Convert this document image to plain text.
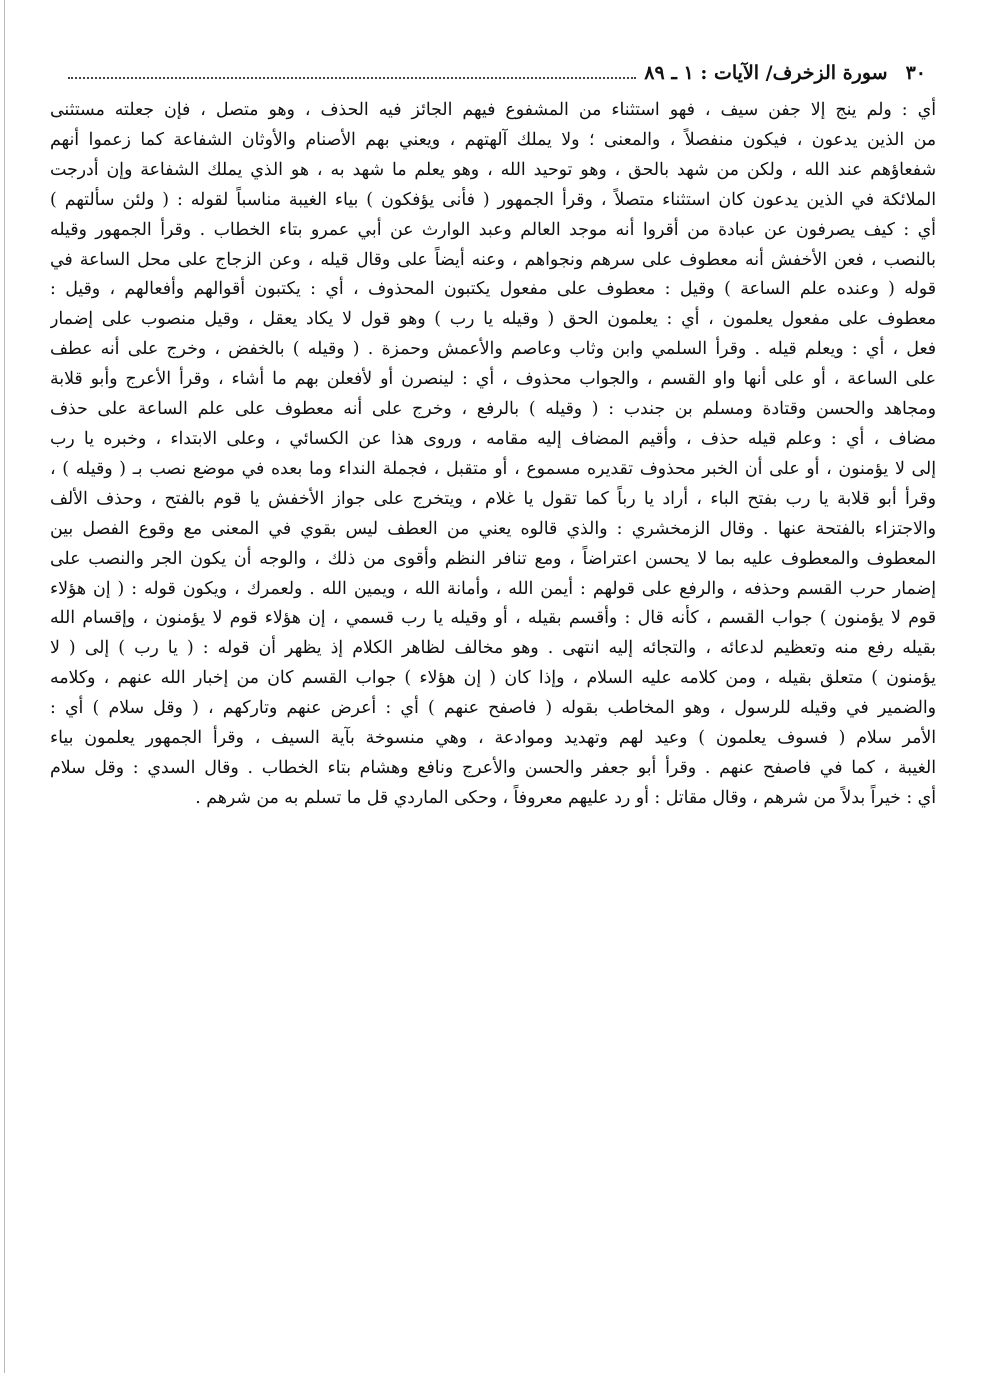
٣٠
سورة الزخرف/ الآيات : ١ ـ ٨٩
أي : ولم ينج إلا جفن سيف ، فهو استثناء من المشفوع فيهم الجائز فيه الحذف ، وهو متصل ، فإن جعلته مستثنى
من الذين يدعون ، فيكون منفصلاً ، والمعنى ؛ ولا يملك آلهتهم ، ويعني بهم الأصنام والأوثان الشفاعة كما زعموا أنهم
شفعاؤهم عند الله ، ولكن من شهد بالحق ، وهو توحيد الله ، وهو يعلم ما شهد به ، هو الذي يملك الشفاعة وإن أدرجت
الملائكة في الذين يدعون كان استثناء متصلاً ، وقرأ الجمهور ( فأنى يؤفكون ) بياء الغيبة مناسباً لقوله : ( ولئن سألتهم )
أي : كيف يصرفون عن عبادة من أقروا أنه موجد العالم وعبد الوارث عن أبي عمرو بتاء الخطاب . وقرأ الجمهور وقيله
بالنصب ، فعن الأخفش أنه معطوف على سرهم ونجواهم ، وعنه أيضاً على وقال قيله ، وعن الزجاج على محل الساعة في
قوله ( وعنده علم الساعة ) وقيل : معطوف على مفعول يكتبون المحذوف ، أي : يكتبون أقوالهم وأفعالهم ، وقيل :
معطوف على مفعول يعلمون ، أي : يعلمون الحق ( وقيله يا رب ) وهو قول لا يكاد يعقل ، وقيل منصوب على إضمار
فعل ، أي : ويعلم قيله . وقرأ السلمي وابن وثاب وعاصم والأعمش وحمزة . ( وقيله ) بالخفض ، وخرج على أنه عطف
على الساعة ، أو على أنها واو القسم ، والجواب محذوف ، أي : لينصرن أو لأفعلن بهم ما أشاء ، وقرأ الأعرج وأبو قلابة
ومجاهد والحسن وقتادة ومسلم بن جندب : ( وقيله ) بالرفع ، وخرج على أنه معطوف على علم الساعة على حذف
مضاف ، أي : وعلم قيله حذف ، وأقيم المضاف إليه مقامه ، وروى هذا عن الكسائي ، وعلى الابتداء ، وخبره يا رب
إلى لا يؤمنون ، أو على أن الخبر محذوف تقديره مسموع ، أو متقبل ، فجملة النداء وما بعده في موضع نصب بـ ( وقيله ) ،
وقرأ أبو قلابة يا رب بفتح الباء ، أراد يا رباً كما تقول يا غلام ، ويتخرج على جواز الأخفش يا قوم بالفتح ، وحذف الألف
والاجتزاء بالفتحة عنها . وقال الزمخشري : والذي قالوه يعني من العطف ليس بقوي في المعنى مع وقوع الفصل بين
المعطوف والمعطوف عليه بما لا يحسن اعتراضاً ، ومع تنافر النظم وأقوى من ذلك ، والوجه أن يكون الجر والنصب على
إضمار حرب القسم وحذفه ، والرفع على قولهم : أيمن الله ، وأمانة الله ، ويمين الله . ولعمرك ، ويكون قوله : ( إن هؤلاء
قوم لا يؤمنون ) جواب القسم ، كأنه قال : وأقسم بقيله ، أو وقيله يا رب قسمي ، إن هؤلاء قوم لا يؤمنون ، وإقسام الله
بقيله رفع منه وتعظيم لدعائه ، والتجائه إليه انتهى . وهو مخالف لظاهر الكلام إذ يظهر أن قوله : ( يا رب ) إلى ( لا
يؤمنون ) متعلق بقيله ، ومن كلامه عليه السلام ، وإذا كان ( إن هؤلاء ) جواب القسم كان من إخبار الله عنهم ، وكلامه
والضمير في وقيله للرسول ، وهو المخاطب بقوله ( فاصفح عنهم ) أي : أعرض عنهم وتاركهم ، ( وقل سلام ) أي :
الأمر سلام ( فسوف يعلمون ) وعيد لهم وتهديد وموادعة ، وهي منسوخة بآية السيف ، وقرأ الجمهور يعلمون بياء
الغيبة ، كما في فاصفح عنهم . وقرأ أبو جعفر والحسن والأعرج ونافع وهشام بتاء الخطاب . وقال السدي : وقل سلام
أي : خيراً بدلاً من شرهم ، وقال مقاتل : أو رد عليهم معروفاً ، وحكى الماردي قل ما تسلم به من شرهم .
